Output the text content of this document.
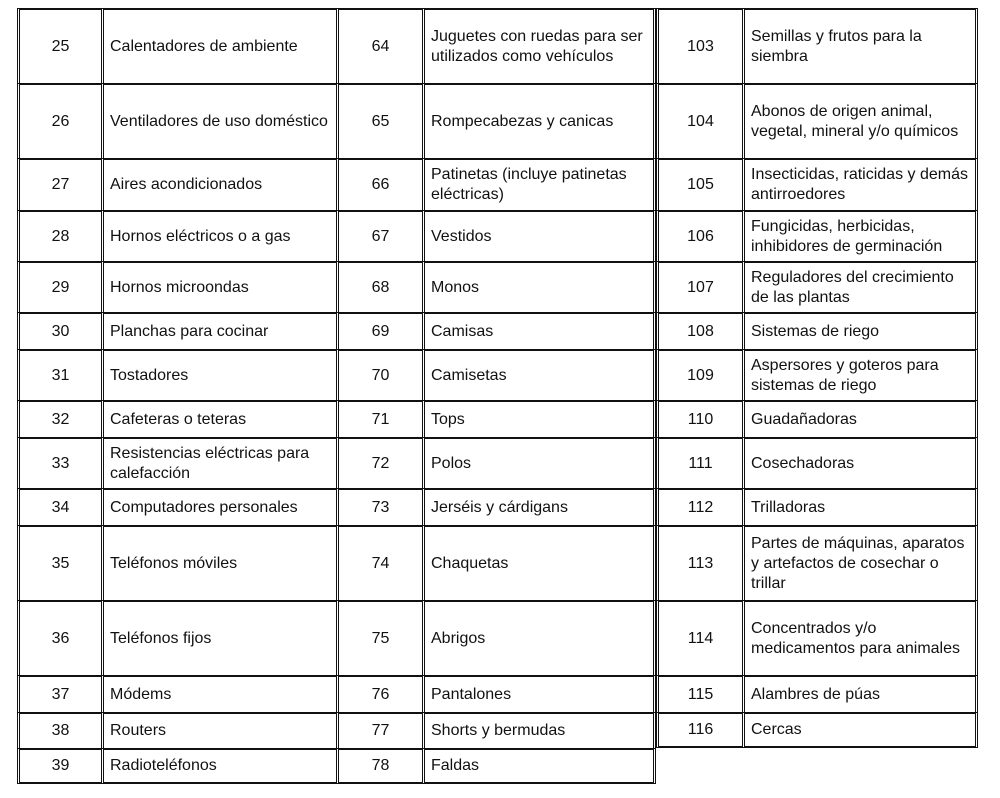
25	Calentadores de ambiente
26	Ventiladores de uso doméstico
27	Aires acondicionados
28	Hornos eléctricos o a gas
29	Hornos microondas
30	Planchas para cocinar
31	Tostadores
32	Cafeteras o teteras
33	Resistencias eléctricas para calefacción
34	Computadores personales
35	Teléfonos móviles
36	Teléfonos fijos
37	Módems
38	Routers
39	Radioteléfonos
64	Juguetes con ruedas para ser utilizados como vehículos
65	Rompecabezas y canicas
66	Patinetas (incluye patinetas eléctricas)
67	Vestidos
68	Monos
69	Camisas
70	Camisetas
71	Tops
72	Polos
73	Jerséis y cárdigans
74	Chaquetas
75	Abrigos
76	Pantalones
77	Shorts y bermudas
78	Faldas
103	Semillas y frutos para la siembra
104	Abonos de origen animal, vegetal, mineral y/o químicos
105	Insecticidas, raticidas y demás antirroedores
106	Fungicidas, herbicidas, inhibidores de germinación
107	Reguladores del crecimiento de las plantas
108	Sistemas de riego
109	Aspersores y goteros para sistemas de riego
110	Guadañadoras
111	Cosechadoras
112	Trilladoras
113	Partes de máquinas, aparatos y artefactos de cosechar o trillar
114	Concentrados y/o medicamentos para animales
115	Alambres de púas
116	Cercas
